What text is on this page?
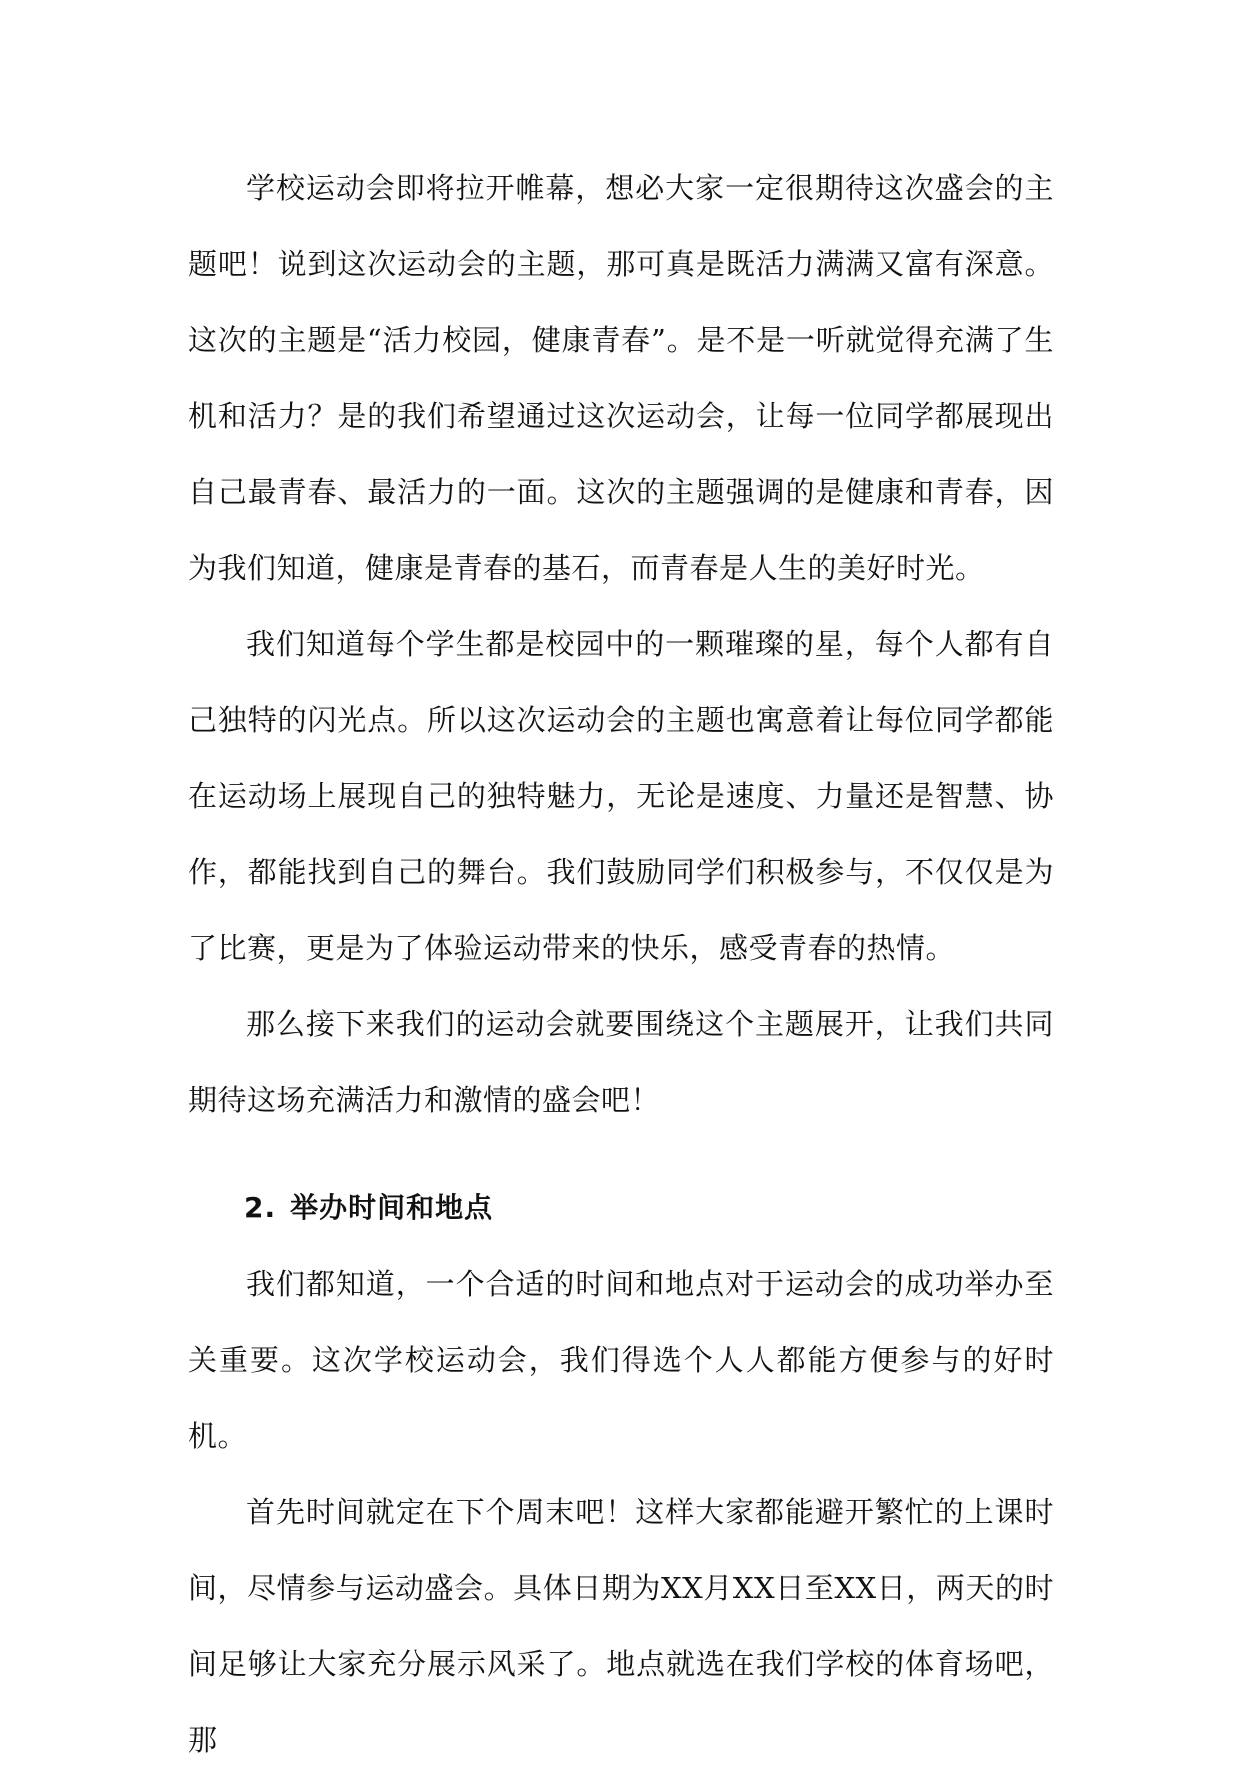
学校运动会即将拉开帷幕，想必大家一定很期待这次盛会的主题吧！说到这次运动会的主题，那可真是既活力满满又富有深意。这次的主题是“活力校园，健康青春”。是不是一听就觉得充满了生机和活力？是的我们希望通过这次运动会，让每一位同学都展现出自己最青春、最活力的一面。这次的主题强调的是健康和青春，因为我们知道，健康是青春的基石，而青春是人生的美好时光。

我们知道每个学生都是校园中的一颗璀璨的星，每个人都有自己独特的闪光点。所以这次运动会的主题也寓意着让每位同学都能在运动场上展现自己的独特魅力，无论是速度、力量还是智慧、协作，都能找到自己的舞台。我们鼓励同学们积极参与，不仅仅是为了比赛，更是为了体验运动带来的快乐，感受青春的热情。

那么接下来我们的运动会就要围绕这个主题展开，让我们共同期待这场充满活力和激情的盛会吧！

2. 举办时间和地点

我们都知道，一个合适的时间和地点对于运动会的成功举办至关重要。这次学校运动会，我们得选个人人都能方便参与的好时机。

首先时间就定在下个周末吧！这样大家都能避开繁忙的上课时间，尽情参与运动盛会。具体日期为XX月XX日至XX日，两天的时间足够让大家充分展示风采了。地点就选在我们学校的体育场吧，那
